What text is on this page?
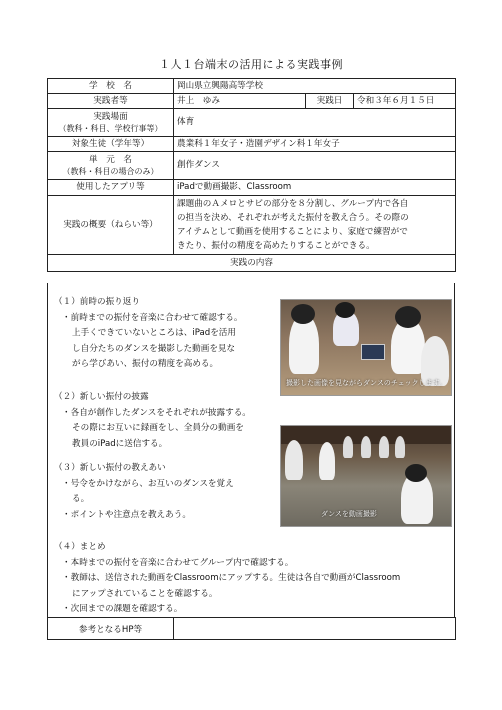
１人１台端末の活用による実践事例
学　校　名	岡山県立興陽高等学校		
実践者等	井上　ゆみ	実践日	令和３年６月１５日

実践場面
（教科・科目、学校行事等）	体育		
対象生徒（学年等）	農業科１年女子・造園デザイン科１年女子		

単　元　名
（教科・科目の場合のみ）	創作ダンス		
使用したアプリ等	iPadで動画撮影、Classroom		
実践の概要（ねらい等）	課題曲のＡメロとサビの部分を８分割し、グループ内で各自
の担当を決め、それぞれが考えた振付を教え合う。その際の
アイテムとして動画を使用することにより、家庭で練習がで
きたり、振付の精度を高めたりすることができる。		

実践の内容			
（１）前時の振り返り
・前時までの振付を音楽に合わせて確認する。
上手くできていないところは、iPadを活用
し自分たちのダンスを撮影した動画を見な
がら学びあい、振付の精度を高める。
（２）新しい振付の披露
・各自が創作したダンスをそれぞれが披露する。
その際にお互いに録画をし、全員分の動画を
教員のiPadに送信する。
（３）新しい振付の教えあい
・号令をかけながら、お互いのダンスを覚え
る。
・ポイントや注意点を教えあう。
（４）まとめ
・本時までの振付を音楽に合わせてグループ内で確認する。
・教師は、送信された動画をClassroomにアップする。生徒は各自で動画がClassroom
にアップされていることを確認する。
・次回までの課題を確認する。
撮影した画像を見ながらダンスのチェックします。
ダンスを動画撮影
参考となるHP等	
